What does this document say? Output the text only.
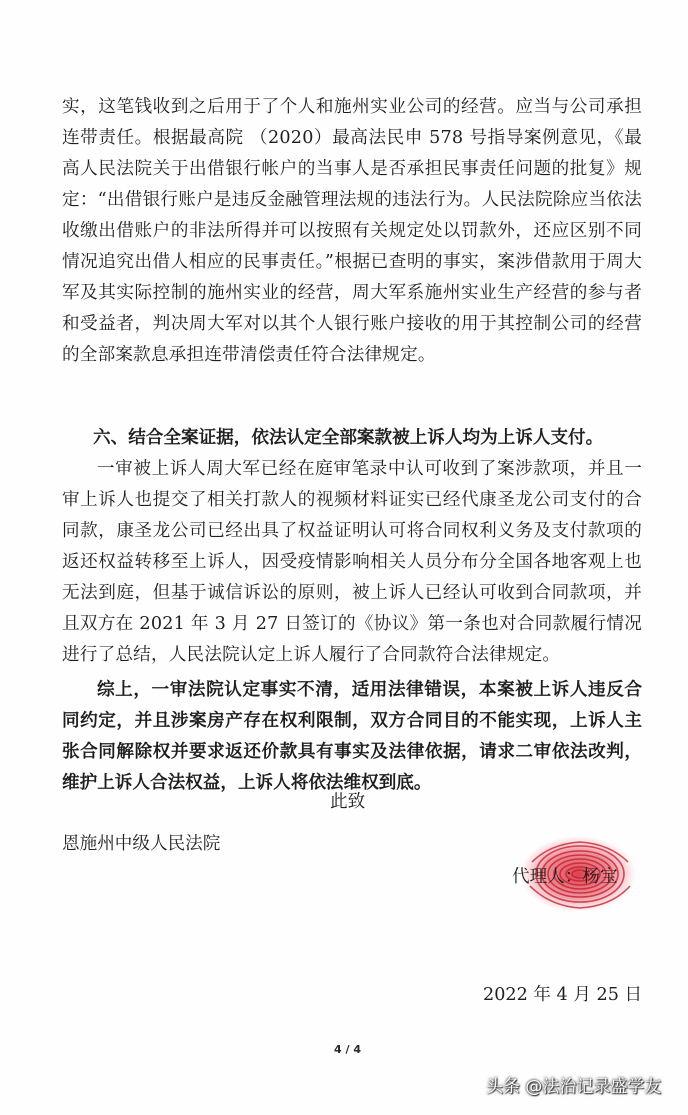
实，这笔钱收到之后用于了个人和施州实业公司的经营。应当与公司承担连带责任。根据最高院 （2020）最高法民申 578 号指导案例意见，《最高人民法院关于出借银行帐户的当事人是否承担民事责任问题的批复》规定：“出借银行账户是违反金融管理法规的违法行为。人民法院除应当依法收缴出借账户的非法所得并可以按照有关规定处以罚款外，还应区别不同情况追究出借人相应的民事责任。”根据已查明的事实，案涉借款用于周大军及其实际控制的施州实业的经营，周大军系施州实业生产经营的参与者和受益者，判决周大军对以其个人银行账户接收的用于其控制公司的经营的全部案款息承担连带清偿责任符合法律规定。

六、结合全案证据，依法认定全部案款被上诉人均为上诉人支付。

一审被上诉人周大军已经在庭审笔录中认可收到了案涉款项，并且一审上诉人也提交了相关打款人的视频材料证实已经代康圣龙公司支付的合同款，康圣龙公司已经出具了权益证明认可将合同权利义务及支付款项的返还权益转移至上诉人，因受疫情影响相关人员分布分全国各地客观上也无法到庭，但基于诚信诉讼的原则，被上诉人已经认可收到合同款项，并且双方在 2021 年 3 月 27 日签订的《协议》第一条也对合同款履行情况进行了总结，人民法院认定上诉人履行了合同款符合法律规定。

综上，一审法院认定事实不清，适用法律错误，本案被上诉人违反合同约定，并且涉案房产存在权利限制，双方合同目的不能实现，上诉人主张合同解除权并要求返还价款具有事实及法律依据，请求二审依法改判，维护上诉人合法权益，上诉人将依法维权到底。

此致

恩施州中级人民法院

代理人：杨宝

2022 年 4 月 25 日

4 / 4

头条 @法治记录盛学友
